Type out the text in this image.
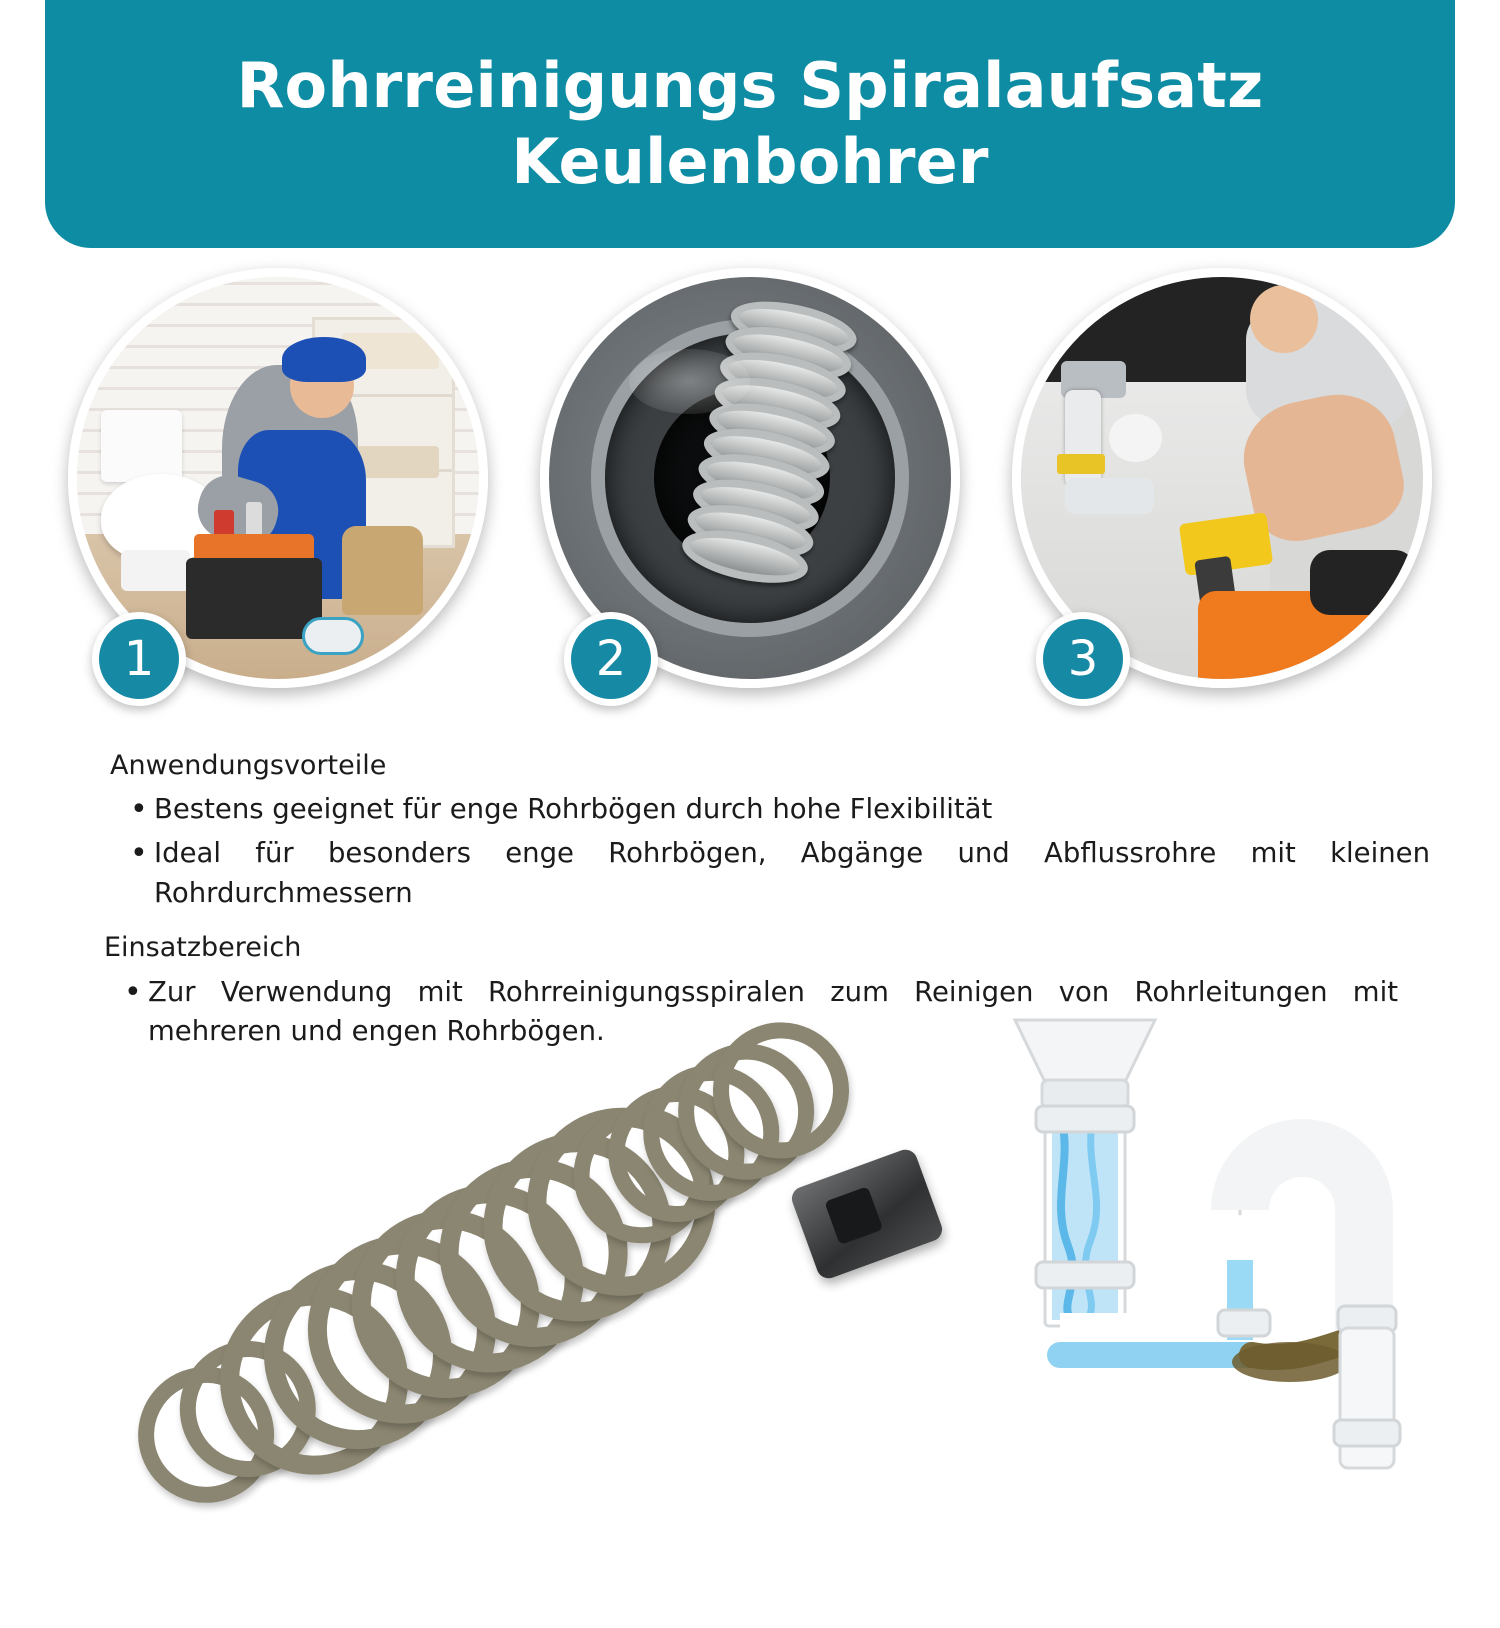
Rohrreinigungs Spiralaufsatz Keulenbohrer
1	2	3
Anwendungsvorteile
• Bestens geeignet für enge Rohrbögen durch hohe Flexibilität
• Ideal für besonders enge Rohrbögen, Abgänge und Abflussrohre mit kleinen Rohrdurchmessern
Einsatzbereich
• Zur Verwendung mit Rohrreinigungsspiralen zum Reinigen von Rohrleitungen mit mehreren und engen Rohrbögen.
